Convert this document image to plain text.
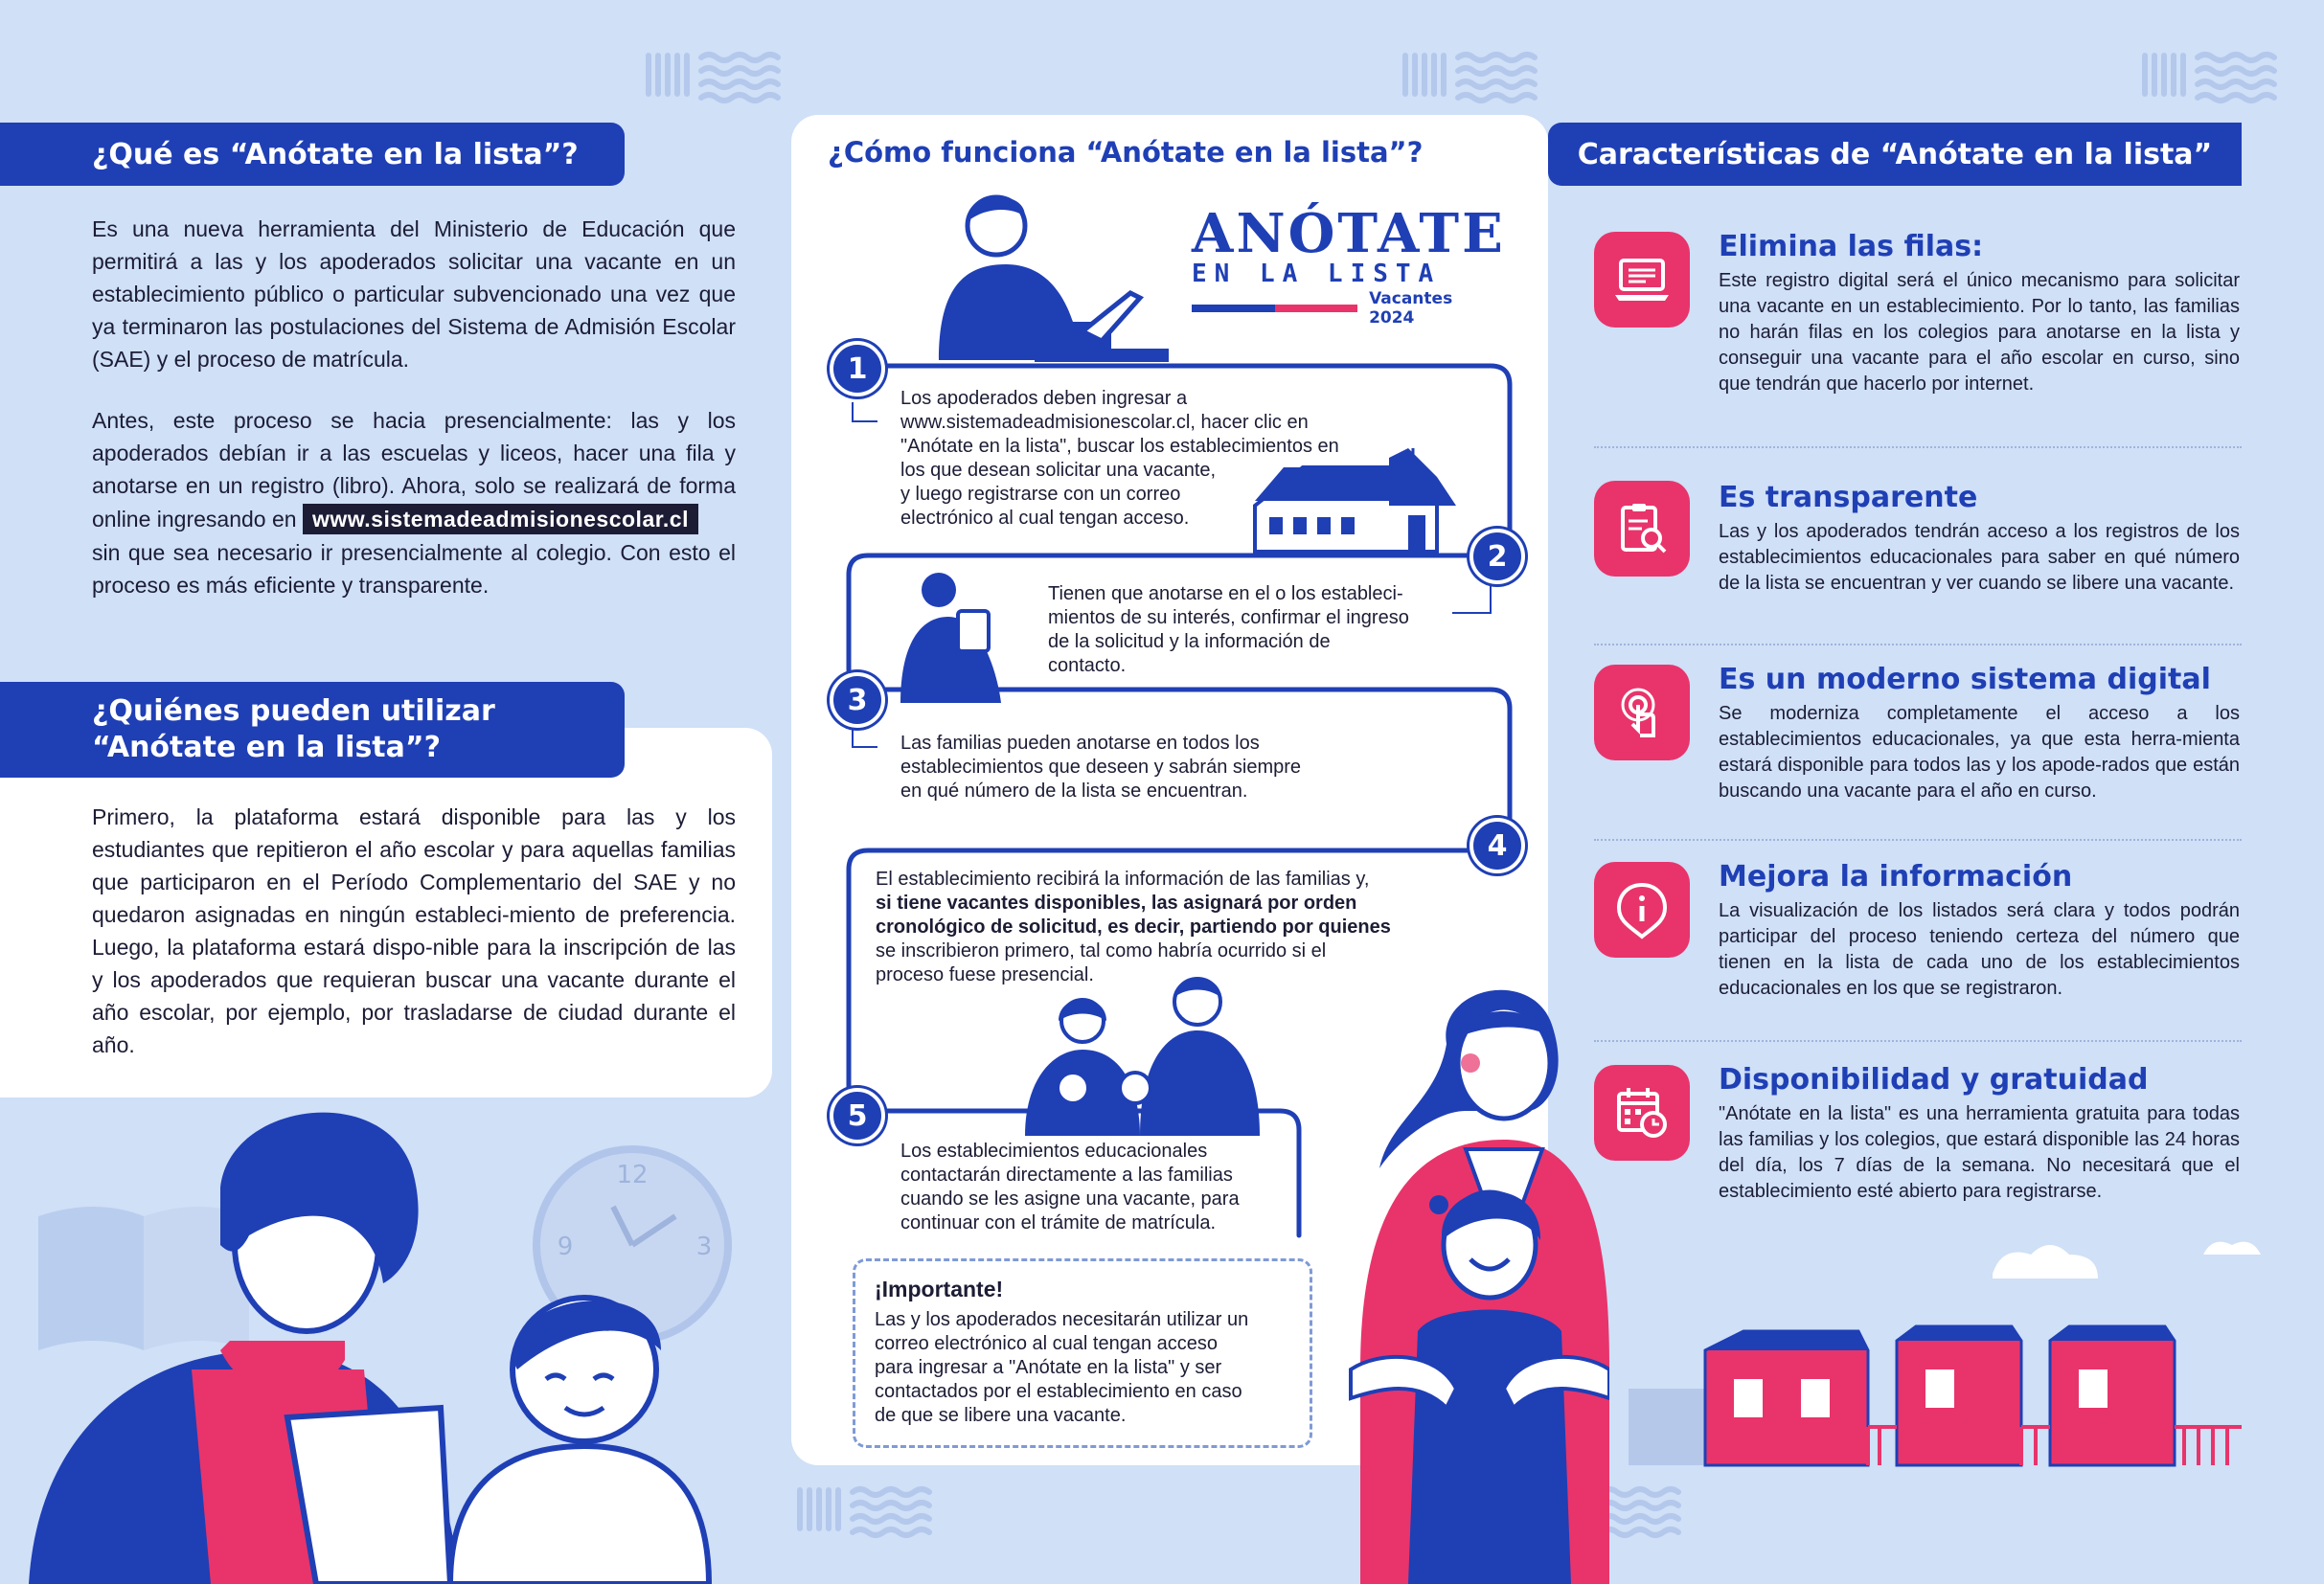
¿Qué es “Anótate en la lista”?
Es una nueva herramienta del Ministerio de Educación que permitirá a las y los apoderados solicitar una vacante en un establecimiento público o particular subvencionado una vez que ya terminaron las postulaciones del Sistema de Admisión Escolar (SAE) y el proceso de matrícula.
Antes, este proceso se hacia presencialmente: las y los apoderados debían ir a las escuelas y liceos, hacer una fila y anotarse en un registro (libro). Ahora, solo se realizará de forma online ingresando en www.sistemadeadmisionescolar.cl
sin que sea necesario ir presencialmente al colegio. Con esto el proceso es más eficiente y transparente.
¿Quiénes pueden utilizar
“Anótate en la lista”?
Primero, la plataforma estará disponible para las y los estudiantes que repitieron el año escolar y para aquellas familias que participaron en el Período Complementario del SAE y no quedaron asignadas en ningún estableci-miento de preferencia. Luego, la plataforma estará dispo-nible para la inscripción de las y los apoderados que requieran buscar una vacante durante el año escolar, por ejemplo, por trasladarse de ciudad durante el año.
12
3
9
¿Cómo funciona “Anótate en la lista”?
ANÓTATE
EN LA LISTA
Vacantes 2024
1
2
3
4
5
Los apoderados deben ingresar a
www.sistemadeadmisionescolar.cl, hacer clic en
"Anótate en la lista", buscar los establecimientos en
los que desean solicitar una vacante,
y luego registrarse con un correo
electrónico al cual tengan acceso.
Tienen que anotarse en el o los estableci-
mientos de su interés, confirmar el ingreso
de la solicitud y la información de
contacto.
Las familias pueden anotarse en todos los
establecimientos que deseen y sabrán siempre
en qué número de la lista se encuentran.
El establecimiento recibirá la información de las familias y,
si tiene vacantes disponibles, las asignará por orden
cronológico de solicitud, es decir, partiendo por quienes
se inscribieron primero, tal como habría ocurrido si el
proceso fuese presencial.
Los establecimientos educacionales
contactarán directamente a las familias
cuando se les asigne una vacante, para
continuar con el trámite de matrícula.
¡Importante!
Las y los apoderados necesitarán utilizar un
correo electrónico al cual tengan acceso
para ingresar a "Anótate en la lista" y ser
contactados por el establecimiento en caso
de que se libere una vacante.
Características de “Anótate en la lista”
Elimina las filas:
Este registro digital será el único mecanismo para solicitar una vacante en un establecimiento. Por lo tanto, las familias no harán filas en los colegios para anotarse en la lista y conseguir una vacante para el año escolar en curso, sino que tendrán que hacerlo por internet.
Es transparente
Las y los apoderados tendrán acceso a los registros de los establecimientos educacionales para saber en qué número de la lista se encuentran y ver cuando se libere una vacante.
Es un moderno sistema digital
Se moderniza completamente el acceso a los establecimientos educacionales, ya que esta herra-mienta estará disponible para todos las y los apode-rados que están buscando una vacante para el año en curso.
Mejora la información
La visualización de los listados será clara y todos podrán participar del proceso teniendo certeza del número que tienen en la lista de cada uno de los establecimientos educacionales en los que se registraron.
Disponibilidad y gratuidad
"Anótate en la lista" es una herramienta gratuita para todas las familias y los colegios, que estará disponible las 24 horas del día, los 7 días de la semana. No necesitará que el establecimiento esté abierto para registrarse.
